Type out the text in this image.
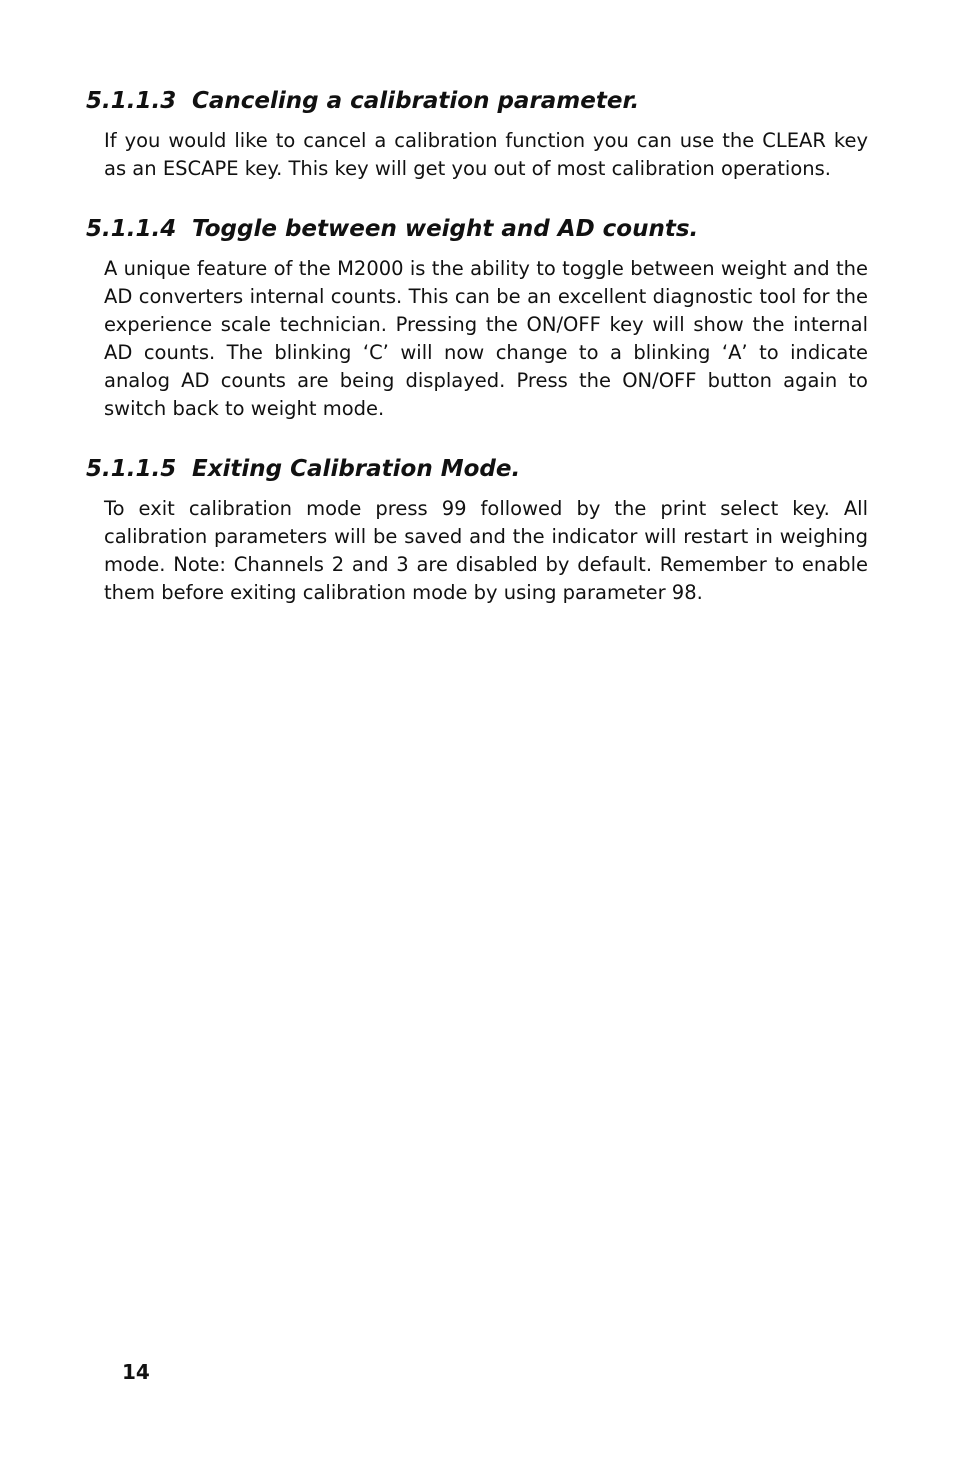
5.1.1.3 Canceling a calibration parameter.

If you would like to cancel a calibration function you can use the CLEAR key as an ESCAPE key. This key will get you out of most calibration operations.

5.1.1.4 Toggle between weight and AD counts.

A unique feature of the M2000 is the ability to toggle between weight and the AD converters internal counts. This can be an excellent diagnostic tool for the experience scale technician. Pressing the ON/OFF key will show the internal AD counts. The blinking ‘C’ will now change to a blinking ‘A’ to indicate analog AD counts are being displayed. Press the ON/OFF button again to switch back to weight mode.

5.1.1.5 Exiting Calibration Mode.

To exit calibration mode press 99 followed by the print select key. All calibration parameters will be saved and the indicator will restart in weighing mode. Note: Channels 2 and 3 are disabled by default. Remember to enable them before exiting calibration mode by using parameter 98.

14
